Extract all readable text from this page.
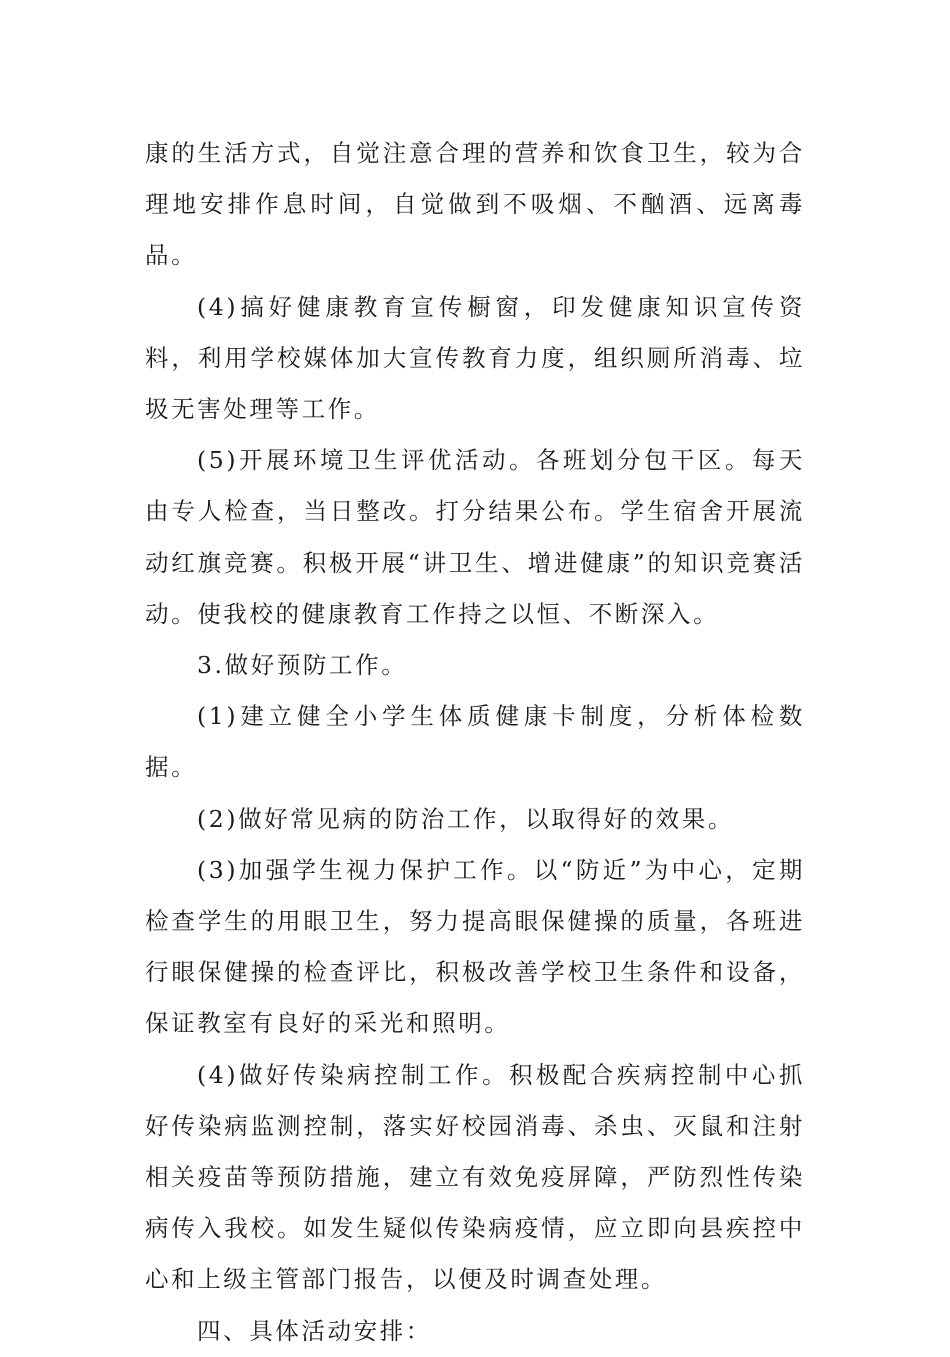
康的生活方式，自觉注意合理的营养和饮食卫生，较为合理地安排作息时间，自觉做到不吸烟、不酗酒、远离毒品。

(4)搞好健康教育宣传橱窗，印发健康知识宣传资料，利用学校媒体加大宣传教育力度，组织厕所消毒、垃圾无害处理等工作。

(5)开展环境卫生评优活动。各班划分包干区。每天由专人检查，当日整改。打分结果公布。学生宿舍开展流动红旗竞赛。积极开展“讲卫生、增进健康”的知识竞赛活动。使我校的健康教育工作持之以恒、不断深入。

3.做好预防工作。

(1)建立健全小学生体质健康卡制度，分析体检数据。

(2)做好常见病的防治工作，以取得好的效果。

(3)加强学生视力保护工作。以“防近”为中心，定期检查学生的用眼卫生，努力提高眼保健操的质量，各班进行眼保健操的检查评比，积极改善学校卫生条件和设备，保证教室有良好的采光和照明。

(4)做好传染病控制工作。积极配合疾病控制中心抓好传染病监测控制，落实好校园消毒、杀虫、灭鼠和注射相关疫苗等预防措施，建立有效免疫屏障，严防烈性传染病传入我校。如发生疑似传染病疫情，应立即向县疾控中心和上级主管部门报告，以便及时调查处理。

四、具体活动安排：
